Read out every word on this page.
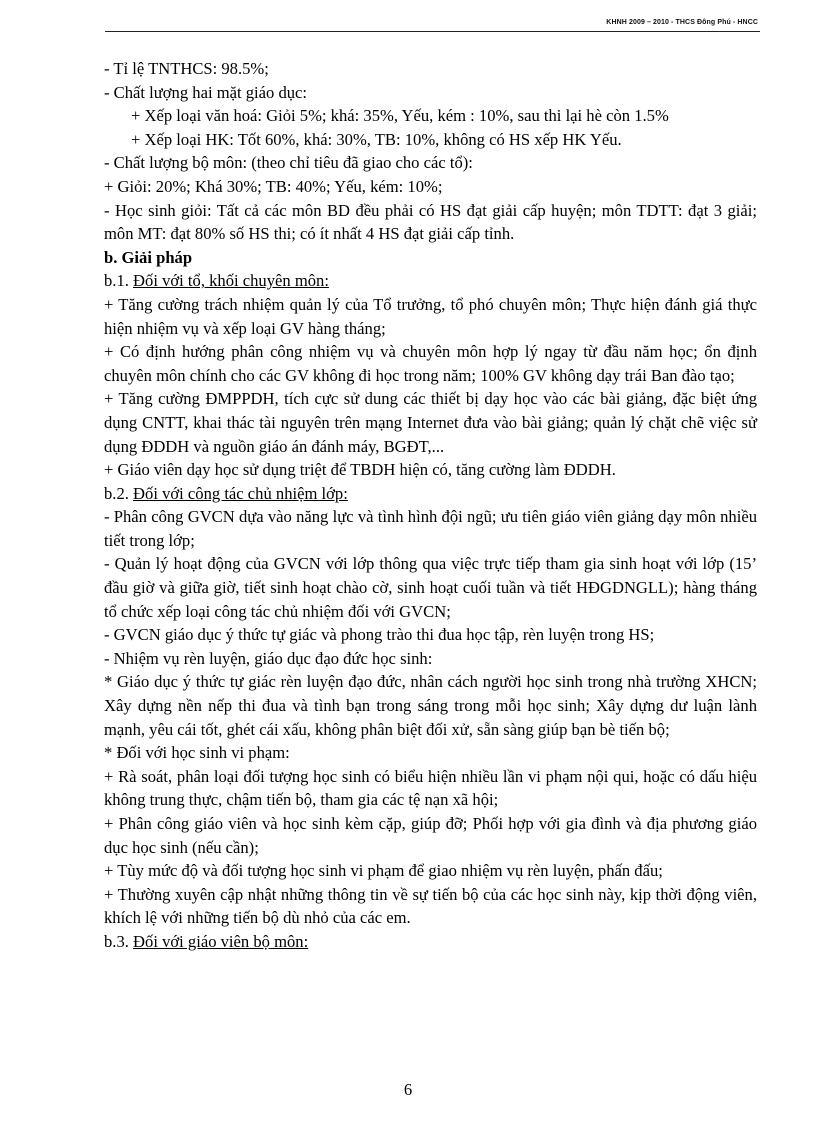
KHNH 2009 – 2010 - THCS Đông Phú - HNCC

- Tỉ lệ TNTHCS: 98.5%;

- Chất lượng hai mặt giáo dục:

+ Xếp loại văn hoá: Giỏi 5%; khá: 35%, Yếu, kém : 10%, sau thi lại hè còn 1.5%

+ Xếp loại HK: Tốt 60%, khá: 30%, TB: 10%, không có HS xếp HK Yếu.

- Chất lượng bộ môn: (theo chỉ tiêu đã giao cho các tổ):

+ Giỏi: 20%; Khá 30%; TB: 40%; Yếu, kém: 10%;

- Học sinh giỏi: Tất cả các môn BD đều phải có HS đạt giải cấp huyện; môn TDTT: đạt 3 giải; môn MT: đạt 80% số HS thi; có ít nhất 4 HS đạt giải cấp tỉnh.

b. Giải pháp

b.1. Đối với tổ, khối chuyên môn:

+ Tăng cường trách nhiệm quản lý của Tổ trưởng, tổ phó chuyên môn; Thực hiện đánh giá thực hiện nhiệm vụ và xếp loại GV hàng tháng;

+ Có định hướng phân công nhiệm vụ và chuyên môn hợp lý ngay từ đầu năm học; ổn định chuyên môn chính cho các GV không đi học trong năm; 100% GV không dạy trái Ban đào tạo;

+ Tăng cường ĐMPPDH, tích cực sử dung các thiết bị dạy học vào các bài giảng, đặc biệt ứng dụng CNTT, khai thác tài nguyên trên mạng Internet đưa vào bài giảng; quản lý chặt chẽ việc sử dụng ĐDDH và nguồn giáo án đánh máy, BGĐT,...

+ Giáo viên dạy học sử dụng triệt để TBDH hiện có, tăng cường làm ĐDDH.

b.2. Đối với công tác chủ nhiệm lớp:

- Phân công GVCN dựa vào năng lực và tình hình đội ngũ; ưu tiên giáo viên giảng dạy môn nhiều tiết trong lớp;

- Quản lý hoạt động của GVCN với lớp thông qua việc trực tiếp tham gia sinh hoạt với lớp (15’ đầu giờ và giữa giờ, tiết sinh hoạt chào cờ, sinh hoạt cuối tuần và tiết HĐGDNGLL); hàng tháng tổ chức xếp loại công tác chủ nhiệm đối với GVCN;

- GVCN giáo dục ý thức tự giác và phong trào thi đua học tập, rèn luyện trong HS;

- Nhiệm vụ rèn luyện, giáo dục đạo đức học sinh:

* Giáo dục ý thức tự giác rèn luyện đạo đức, nhân cách người học sinh trong nhà trường XHCN; Xây dựng nền nếp thi đua và tình bạn trong sáng trong mỗi học sinh; Xây dựng dư luận lành mạnh, yêu cái tốt, ghét cái xấu, không phân biệt đối xử, sẵn sàng giúp bạn bè tiến bộ;

* Đối với học sinh vi phạm:

+ Rà soát, phân loại đối tượng học sinh có biểu hiện nhiều lần vi phạm nội qui, hoặc có dấu hiệu không trung thực, chậm tiến bộ, tham gia các tệ nạn xã hội;

+ Phân công giáo viên và học sinh kèm cặp, giúp đỡ; Phối hợp với gia đình và địa phương giáo dục học sinh (nếu cần);

+ Tùy mức độ và đối tượng học sinh vi phạm để giao nhiệm vụ rèn luyện, phấn đấu;

+ Thường xuyên cập nhật những thông tin về sự tiến bộ của các học sinh này, kịp thời động viên, khích lệ với những tiến bộ dù nhỏ của các em.

b.3. Đối với giáo viên bộ môn:

6
